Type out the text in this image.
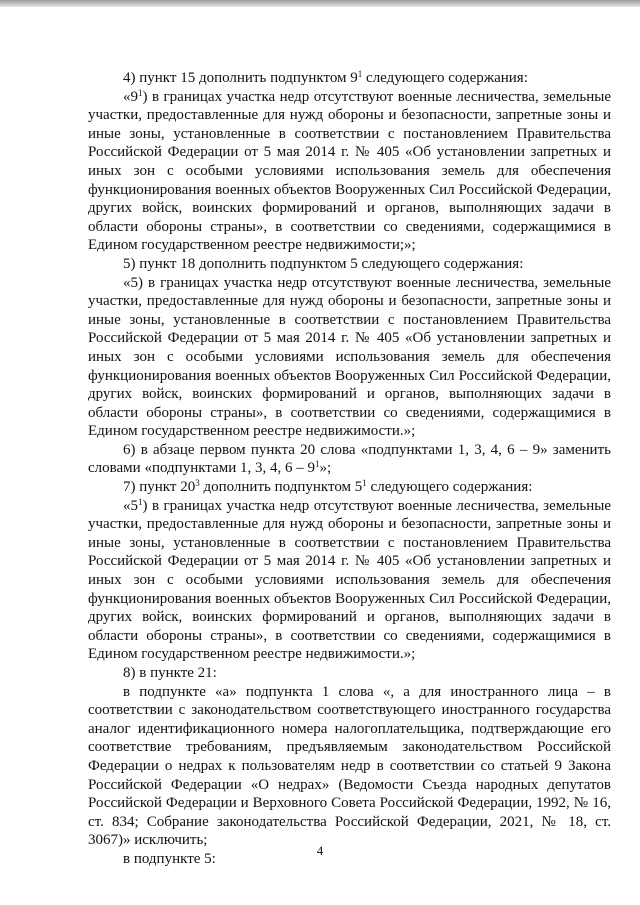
4) пункт 15 дополнить подпунктом $9^1$ следующего содержания:

«$9^1$) в границах участка недр отсутствуют военные лесничества, земельные участки, предоставленные для нужд обороны и безопасности, запретные зоны и иные зоны, установленные в соответствии с постановлением Правительства Российской Федерации от 5 мая 2014 г. № 405 «Об установлении запретных и иных зон с особыми условиями использования земель для обеспечения функционирования военных объектов Вооруженных Сил Российской Федерации, других войск, воинских формирований и органов, выполняющих задачи в области обороны страны», в соответствии со сведениями, содержащимися в Едином государственном реестре недвижимости;»;

5) пункт 18 дополнить подпунктом 5 следующего содержания:

«5) в границах участка недр отсутствуют военные лесничества, земельные участки, предоставленные для нужд обороны и безопасности, запретные зоны и иные зоны, установленные в соответствии с постановлением Правительства Российской Федерации от 5 мая 2014 г. № 405 «Об установлении запретных и иных зон с особыми условиями использования земель для обеспечения функционирования военных объектов Вооруженных Сил Российской Федерации, других войск, воинских формирований и органов, выполняющих задачи в области обороны страны», в соответствии со сведениями, содержащимися в Едином государственном реестре недвижимости.»;

6) в абзаце первом пункта 20 слова «подпунктами 1, 3, 4, 6 – 9» заменить словами «подпунктами 1, 3, 4, $6 - 9^1$»;

7) пункт $20^3$ дополнить подпунктом $5^1$ следующего содержания:

«$5^1$) в границах участка недр отсутствуют военные лесничества, земельные участки, предоставленные для нужд обороны и безопасности, запретные зоны и иные зоны, установленные в соответствии с постановлением Правительства Российской Федерации от 5 мая 2014 г. № 405 «Об установлении запретных и иных зон с особыми условиями использования земель для обеспечения функционирования военных объектов Вооруженных Сил Российской Федерации, других войск, воинских формирований и органов, выполняющих задачи в области обороны страны», в соответствии со сведениями, содержащимися в Едином государственном реестре недвижимости.»;

8) в пункте 21:

в подпункте «а» подпункта 1 слова «, а для иностранного лица – в соответствии с законодательством соответствующего иностранного государства аналог идентификационного номера налогоплательщика, подтверждающие его соответствие требованиям, предъявляемым законодательством Российской Федерации о недрах к пользователям недр в соответствии со статьей 9 Закона Российской Федерации «О недрах» (Ведомости Съезда народных депутатов Российской Федерации и Верховного Совета Российской Федерации, 1992, № 16, ст. 834; Собрание законодательства Российской Федерации, 2021, № 18, ст. 3067)» исключить;

в подпункте 5:

4
